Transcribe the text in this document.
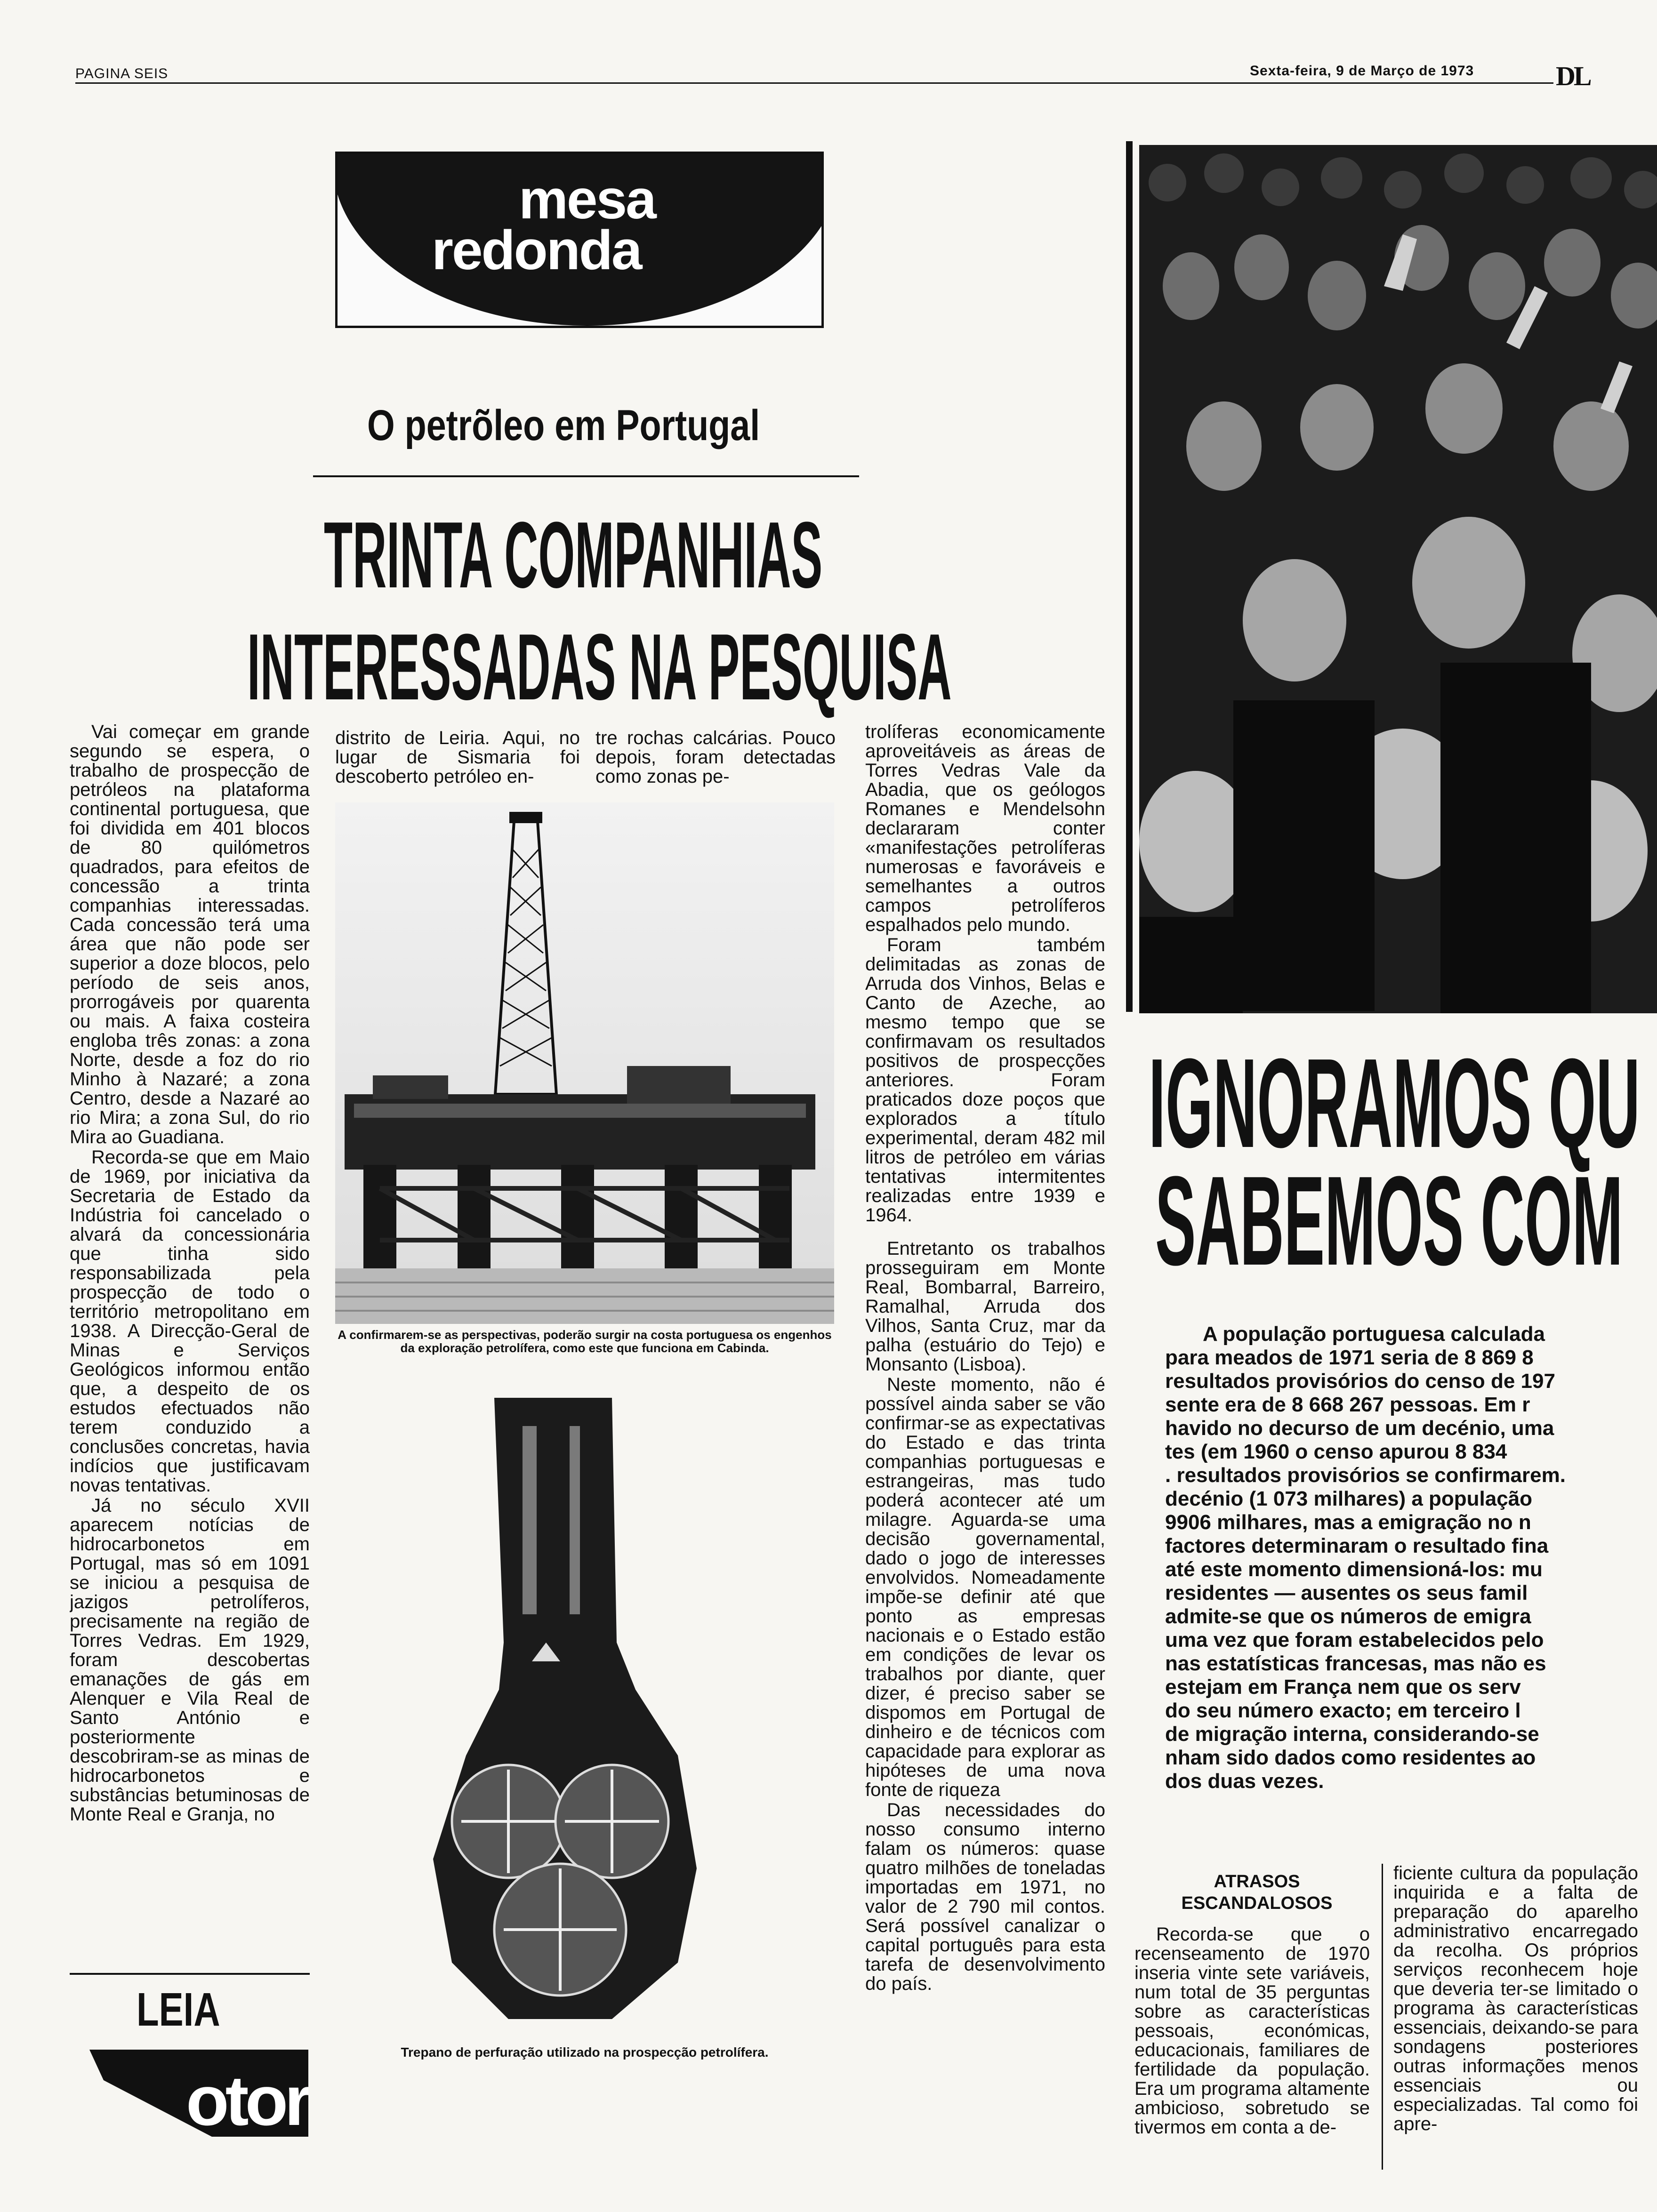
PAGINA SEIS	Sexta-feira, 9 de Março de 1973	DL
mesa
redonda
O petrõleo em Portugal
TRINTA COMPANHIAS
INTERESSADAS NA PESQUISA

Vai começar em grande segundo se espera, o trabalho de prospecção de petróleos na plataforma continental portuguesa, que foi dividida em 401 blocos de 80 quilómetros quadrados, para efeitos de concessão a trinta companhias interessadas. Cada concessão terá uma área que não pode ser superior a doze blocos, pelo período de seis anos, prorrogáveis por quarenta ou mais. A faixa costeira engloba três zonas: a zona Norte, desde a foz do rio Minho à Nazaré; a zona Centro, desde a Nazaré ao rio Mira; a zona Sul, do rio Mira ao Guadiana.

Recorda-se que em Maio de 1969, por iniciativa da Secretaria de Estado da Indústria foi cancelado o alvará da concessionária que tinha sido responsabilizada pela prospecção de todo o território metropolitano em 1938. A Direcção-Geral de Minas e Serviços Geológicos informou então que, a despeito de os estudos efectuados não terem conduzido a conclusões concretas, havia indícios que justificavam novas tentativas.

Já no século XVII aparecem notícias de hidrocarbonetos em Portugal, mas só em 1091 se iniciou a pesquisa de jazigos petrolíferos, precisamente na região de Torres Vedras. Em 1929, foram descobertas emanações de gás em Alenquer e Vila Real de Santo António e posteriormente descobriram-se as minas de hidrocarbonetos e substâncias betuminosas de Monte Real e Granja, no

distrito de Leiria. Aqui, no lugar de Sismaria foi descoberto petróleo en-

tre rochas calcárias. Pouco depois, foram detectadas como zonas pe-

A confirmarem-se as perspectivas, poderão surgir na costa portuguesa os engenhos da exploração petrolífera, como este que funciona em Cabinda.
Trepano de perfuração utilizado na prospecção petrolífera.

trolíferas economicamente aproveitáveis as áreas de Torres Vedras Vale da Abadia, que os geólogos Romanes e Mendelsohn declararam conter «manifestações petrolíferas numerosas e favoráveis e semelhantes a outros campos petrolíferos espalhados pelo mundo.

Foram também delimitadas as zonas de Arruda dos Vinhos, Belas e Canto de Azeche, ao mesmo tempo que se confirmavam os resultados positivos de prospecções anteriores. Foram praticados doze poços que explorados a título experimental, deram 482 mil litros de petróleo em várias tentativas intermitentes realizadas entre 1939 e 1964.

Entretanto os trabalhos prosseguiram em Monte Real, Bombarral, Barreiro, Ramalhal, Arruda dos Vilhos, Santa Cruz, mar da palha (estuário do Tejo) e Monsanto (Lisboa).

Neste momento, não é possível ainda saber se vão confirmar-se as expectativas do Estado e das trinta companhias portuguesas e estrangeiras, mas tudo poderá acontecer até um milagre. Aguarda-se uma decisão governamental, dado o jogo de interesses envolvidos. Nomeadamente impõe-se definir até que ponto as empresas nacionais e o Estado estão em condições de levar os trabalhos por diante, quer dizer, é preciso saber se dispomos em Portugal de dinheiro e de técnicos com capacidade para explorar as hipóteses de uma nova fonte de riqueza

Das necessidades do nosso consumo interno falam os números: quase quatro milhões de toneladas importadas em 1971, no valor de 2 790 mil contos. Será possível canalizar o capital português para esta tarefa de desenvolvimento do país.

LEIA
otor
IGNORAMOS QU
SABEMOS COM
A população portuguesa calculada
para meados de 1971 seria de 8 869 8
resultados provisórios do censo de 197
sente era de 8 668 267 pessoas. Em r
havido no decurso de um decénio, uma
tes (em 1960 o censo apurou 8 834
. resultados provisórios se confirmarem.
decénio (1 073 milhares) a população
9906 milhares, mas a emigração no n
factores determinaram o resultado fina
até este momento dimensioná-los: mu
residentes — ausentes os seus famil
admite-se que os números de emigra
uma vez que foram estabelecidos pelo
nas estatísticas francesas, mas não es
estejam em França nem que os serv
do seu número exacto; em terceiro l
de migração interna, considerando-se
nham sido dados como residentes ao
dos duas vezes.
ATRASOS ESCANDALOSOS

Recorda-se que o recenseamento de 1970 inseria vinte sete variáveis, num total de 35 perguntas sobre as características pessoais, económicas, educacionais, familiares de fertilidade da população. Era um programa altamente ambicioso, sobretudo se tivermos em conta a de-

ficiente cultura da população inquirida e a falta de preparação do aparelho administrativo encarregado da recolha. Os próprios serviços reconhecem hoje que deveria ter-se limitado o programa às características essenciais, deixando-se para sondagens posteriores outras informações menos essenciais ou especializadas. Tal como foi apre-
